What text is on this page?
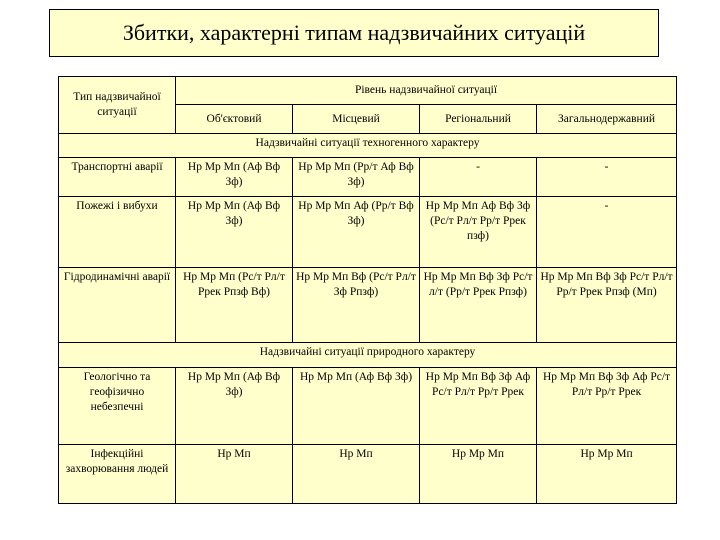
Збитки, характерні типам надзвичайних ситуацій
Тип надзвичайної ситуації	Рівень надзвичайної ситуації			
	Об'єктовий	Місцевий	Регіональний	Загальнодержавний
Надзвичайні ситуації техногенного характеру				
Транспортні аварії	Нр Мр Мп (Аф Вф Зф)	Нр Мр Мп (Рр/т Аф Вф Зф)	-	-
Пожежі і вибухи	Нр Мр Мп (Аф Вф Зф)	Нр Мр Мп Аф (Рр/т Вф Зф)	Нр Мр Мп Аф Вф Зф (Рс/т Рл/т Рр/т Ррек пзф)	-
Гідродинамічні аварії	Нр Мр Мп (Рс/т Рл/т Ррек Рпзф Вф)	Нр Мр Мп Вф (Рс/т Рл/т Зф Рпзф)	Нр Мр Мп Вф Зф Рс/т л/т (Рр/т Ррек Рпзф)	Нр Мр Мп Вф Зф Рс/т Рл/т Рр/т Ррек Рпзф (Мп)
Надзвичайні ситуації природного характеру				
Геологічно та геофізично небезпечні	Нр Мр Мп (Аф Вф Зф)	Нр Мр Мп (Аф Вф Зф)	Нр Мр Мп Вф Зф Аф Рс/т Рл/т Рр/т Ррек	Нр Мр Мп Вф Зф Аф Рс/т Рл/т Рр/т Ррек
Інфекційні захворювання людей	Нр Мп	Нр Мп	Нр Мр Мп	Нр Мр Мп
